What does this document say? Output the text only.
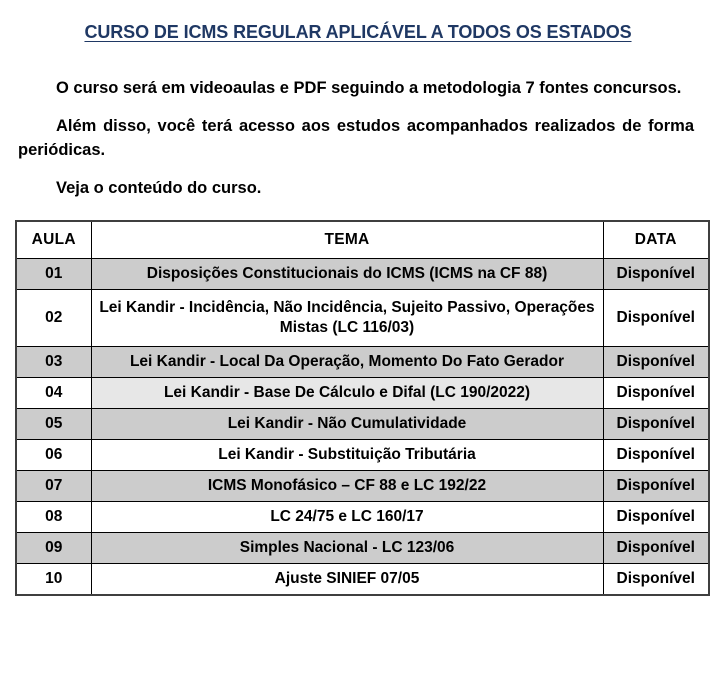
CURSO DE ICMS REGULAR APLICÁVEL A TODOS OS ESTADOS

O curso será em videoaulas e PDF seguindo a metodologia 7 fontes concursos.

Além disso, você terá acesso aos estudos acompanhados realizados de forma periódicas.

Veja o conteúdo do curso.

AULA	TEMA	DATA
01	Disposições Constitucionais do ICMS (ICMS na CF 88)	Disponível
02	Lei Kandir - Incidência, Não Incidência, Sujeito Passivo, Operações Mistas (LC 116/03)	Disponível
03	Lei Kandir - Local Da Operação, Momento Do Fato Gerador	Disponível
04	Lei Kandir - Base De Cálculo e Difal (LC 190/2022)	Disponível
05	Lei Kandir - Não Cumulatividade	Disponível
06	Lei Kandir - Substituição Tributária	Disponível
07	ICMS Monofásico – CF 88 e LC 192/22	Disponível
08	LC 24/75 e LC 160/17	Disponível
09	Simples Nacional - LC 123/06	Disponível
10	Ajuste SINIEF 07/05	Disponível
